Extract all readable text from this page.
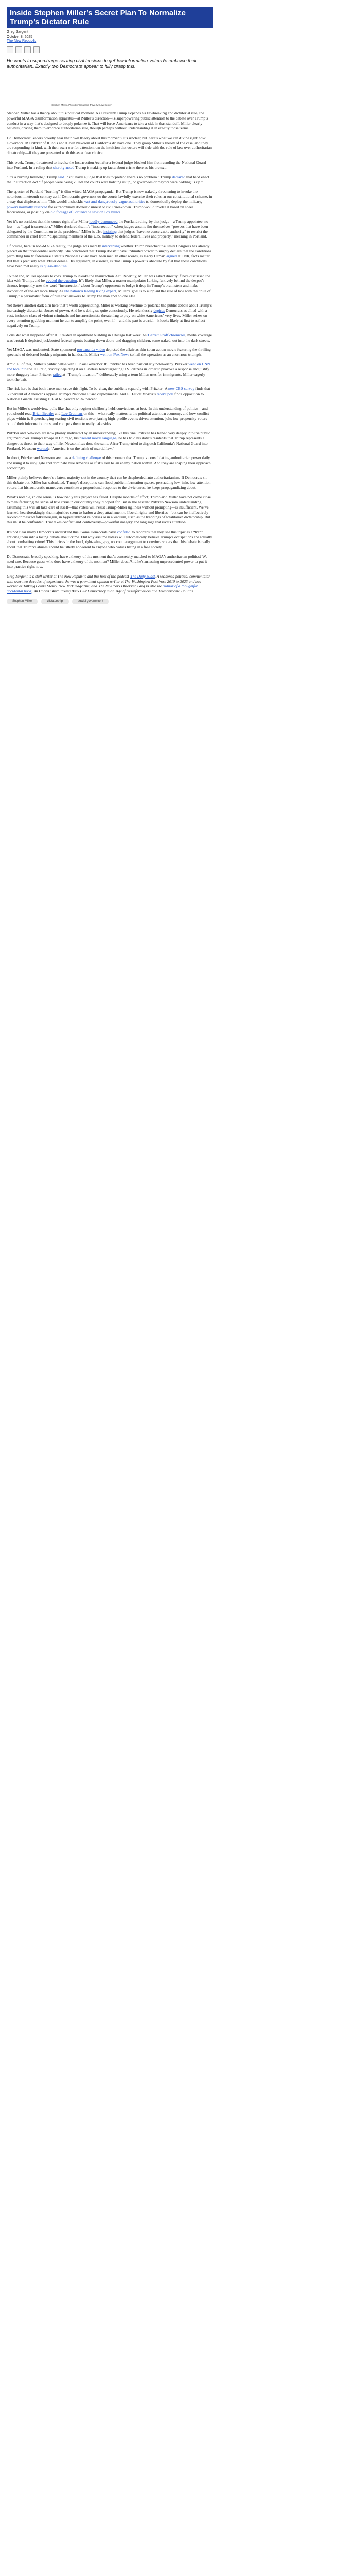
Inside Stephen Miller’s Secret Plan To Normalize Trump’s Dictator Rule
Greg Sargent
October 8, 2025
The New Republic
He wants to supercharge searing civil tensions to get low-information voters to embrace their authoritarian. Exactly two Democrats appear to fully grasp this.
Stephen Miller. Photo by/ Southern Poverty Law Center

Stephen Miller has a theory about this political moment. As President Trump expands his lawbreaking and dictatorial rule, the powerful MAGA disinformation apparatus—at Miller’s direction—is superpowering public attention to the debate over Trump’s conduct in a way that’s designed to deeply polarize it. That will force Americans to take a side in that standoff. Miller clearly believes, driving them to embrace authoritarian rule, though perhaps without understanding it in exactly those terms.

Do Democratic leaders broadly hear their own theory about this moment? It’s unclear, but here’s what we can divine right now: Governors JB Pritzker of Illinois and Gavin Newsom of California do have one. They grasp Miller’s theory of the case, and they are responding in kind, with their own war for attention, on the intuition that voters will side with the rule of law over authoritarian dictatorship—if they are presented with this as a clear choice.

This week, Trump threatened to invoke the Insurrection Act after a federal judge blocked him from sending the National Guard into Portland. In a ruling that sharply noted Trump is making up facts about crime there as his pretext.

“It’s a burning hellhole,” Trump said. “You have a judge that tries to pretend there’s no problem.” Trump declared that he’d enact the Insurrection Act “if people were being killed and courts were holding us up, or governors or mayors were holding us up.”

The specter of Portland “burning” is dim-witted MAGA propaganda. But Trump is now nakedly threatening to invoke the notorious nineteenth-century act if Democratic governors or the courts lawfully exercise their roles in our constitutional scheme, in a way that displeases him. This would unshackle vast and dangerously-vague authorities to domestically deploy the military, powers normally reserved for extraordinary domestic unrest or civil breakdown. Trump would invoke it based on sheer fabrications, or possibly on old footage of Portland he saw on Fox News.

Yet it’s no accident that this comes right after Miller loudly denounced the Portland ruling by that judge—a Trump appointee, no less—as “legal insurrection.” Miller declared that it’s “insurrection” when judges assume for themselves “powers that have been delegated by the Constitution to the president.” Miller is also insisting that judges “have no conceivable authority” to restrict the commander in chief from “dispatching members of the U.S. military to defend federal lives and property,” meaning in Portland.

Of course, here in non-MAGA reality, the judge was merely intervening whether Trump breached the limits Congress has already placed on that presidential authority. She concluded that Trump doesn’t have unlimited power to simply declare that the conditions permitting him to federalize a state’s National Guard have been met. In other words, as Harry Litman argued at TNR, facts matter. But that’s precisely what Miller denies. His argument, in essence, is that Trump’s power is absolute by fiat that those conditions have been met really is quasi-absolute.

To that end, Miller appears to coax Trump to invoke the Insurrection Act. Recently, Miller was asked directly if he’s discussed the idea with Trump, and he evaded the question. It’s likely that Miller, a master manipulator lurking furtively behind the despot’s throne, frequently uses the word “insurrection” about Trump’s opponents to lodge it deep in Trump’s brain stem and make invocation of the act more likely. As the nation’s leading living expert, Miller’s goal is to supplant the rule of law with the “rule of Trump,” a personalist form of rule that answers to Trump the man and no one else.

Yet there’s another dark aim here that’s worth appreciating. Miller is working overtime to polarize the public debate about Trump’s increasingly dictatorial abuses of power. And he’s doing so quite consciously. He relentlessly depicts Democrats as allied with a vast, inchoate class of violent criminals and insurrectionists threatening to prey on white Americans’ very lives. Miller seizes on every attention-grabbing moment he can to amplify the point, even if—and this part is crucial—it looks likely at first to reflect negatively on Trump.

Consider what happened after ICE raided an apartment building in Chicago last week. As Garrett Graff chronicles, media coverage was brutal: It depicted jackbooted federal agents busting down doors and dragging children, some naked, out into the dark streets.

Yet MAGA was undaunted. State-sponsored propaganda video depicted the affair as akin to an action movie featuring the thrilling spectacle of debased-looking migrants in handcuffs. Miller went on Fox News to hail the operation as an enormous triumph.

Amid all of this, Miller’s public battle with Illinois Governor JB Pritzker has been particularly noteworthy. Pritzker went on CNN and tore into the ICE raid, vividly depicting it as a lawless terror targeting U.S. citizens in order to provoke a response and justify more thuggery later. Pritzker railed at “Trump’s invasion,” deliberately using a term Miller uses for immigrants. Miller eagerly took the bait.

The risk here is that both these men crave this fight. To be clear, the public is squarely with Pritzker: A new CBS survey finds that 58 percent of Americans oppose Trump’s National Guard deployments. And G. Elliott Morris’s recent poll finds opposition to National Guards assisting ICE at 61 percent to 37 percent.

But in Miller’s worldview, polls like that only register shallowly held convictions, at best. In this understanding of politics—and you should read Brian Beutler and Lee Drutman on this—what really matters is the political attention economy, and how conflict plays within it. Supercharging searing civil tensions over jarring high-profile events drives attention, jolts low-propensity voters out of their information ruts, and compels them to really take sides.

Pritzker and Newsom are now plainly motivated by an understanding like this one. Pritzker has leaned very deeply into the public argument over Trump’s troops in Chicago, his present moral language, he has told his state’s residents that Trump represents a dangerous threat to their way of life. Newsom has done the same. After Trump tried to dispatch California’s National Guard into Portland, Newsom warned: “America is on the brink of martial law.”

In short, Pritzker and Newsom see it as a defining challenge of this moment that Trump is consolidating authoritarian power daily, and using it to subjugate and dominate blue America as if it’s akin to an enemy nation within. And they are shaping their approach accordingly.

Miller plainly believes there’s a latent majority out in the country that can be shepherded into authoritarianism. If Democrats sit this debate out, Miller has calculated, Trump’s deceptions can flood public information spaces, persuading low-info, low-attention voters that his autocratic maneuvers constitute a proportional response to the civic unrest he keeps propagandizing about.

What’s notable, in one sense, is how badly this project has failed. Despite months of effort, Trump and Miller have not come close to manufacturing the sense of true crisis in our country they’d hoped for. But in the nascent Pritzker-Newsom understanding, assuming this will all take care of itself—that voters will resist Trump-Miller ugliness without prompting—is insufficient. We’ve learned, heartbreakingly, that majorities seem to harbor a deep attachment to liberal rights and liberties—but can be ineffectively revved or masked folksinessgun, in hyperstablized velocities or in a vacuum, such as the trappings of totalitarian dictatorship. But this must be confronted. That takes conflict and controversy—powerful imagery and language that rivets attention.

It’s not clear many Democrats understand this. Some Democrats have confided to reporters that they see this topic as a “trap” enticing them into a losing debate about crime. But why assume voters will automatically believe Trump’s occupations are actually about combatting crime? This thrives in the loud, right-wing gray, no counterargument to convince voters that this debate is really about that Trump’s abuses should be utterly abhorrent to anyone who values living in a free society.

Do Democrats, broadly speaking, have a theory of this moment that’s concretely matched to MAGA’s authoritarian politics? We need one. Because guess who does have a theory of the moment? Miller does. And he’s amassing unprecedented power to put it into practice right now.

Greg Sargent is a staff writer at The New Republic and the host of the podcast The Daily Blast. A seasoned political commentator with over two decades of experience, he was a prominent opinion writer at The Washington Post from 2010 to 2023 and has worked at Talking Points Memo, New York magazine, and The New York Observer. Greg is also the author of a thoughtful accidental book, An Uncivil War: Taking Back Our Democracy in an Age of Disinformation and Thunderdome Politics.

Stephen Miller	dictatorship	social government
